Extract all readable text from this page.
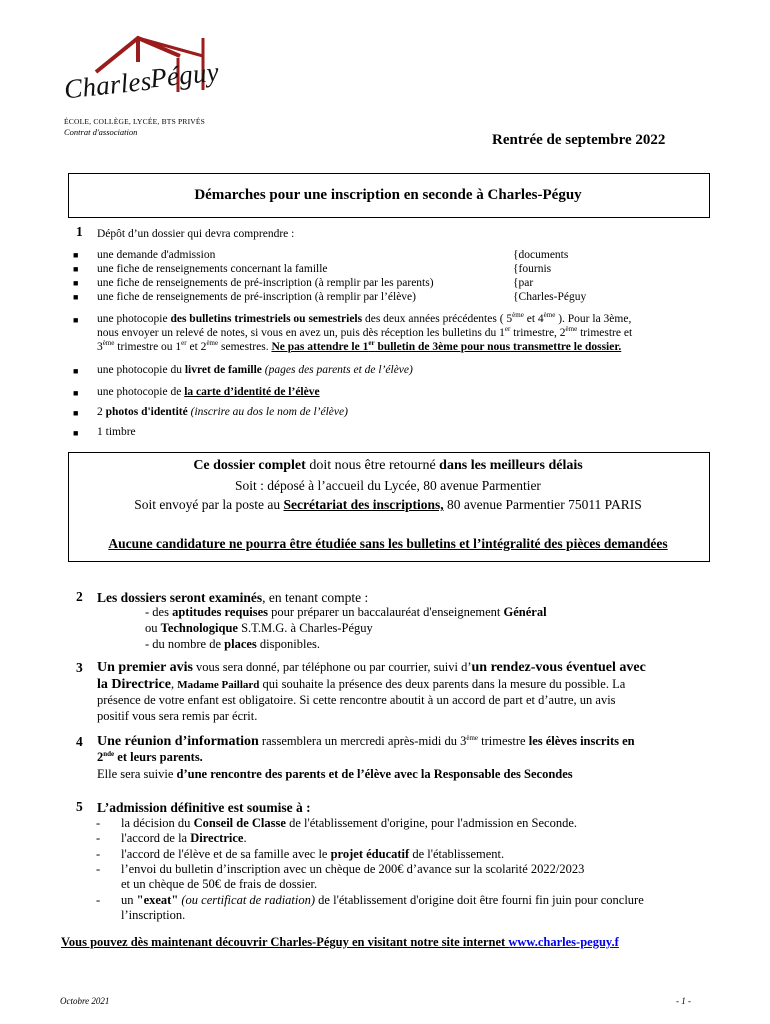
Charles
Péguy
ÉCOLE, COLLÈGE, LYCÉE, BTS PRIVÉS
Contrat d'association	Rentrée de septembre 2022
Démarches pour une inscription en seconde à Charles-Péguy
1 Dépôt d’un dossier qui devra comprendre :
■ une demande d'admission
■ une fiche de renseignements concernant la famille
■ une fiche de renseignements de pré-inscription (à remplir par les parents)
■ une fiche de renseignements de pré-inscription (à remplir par l’élève)
{documents
{fournis
{par
{Charles-Péguy
■ une photocopie des bulletins trimestriels ou semestriels des deux années précédentes ( 5ème et 4ème ). Pour la 3ème,
nous envoyer un relevé de notes, si vous en avez un, puis dès réception les bulletins du 1er trimestre, 2ème trimestre et
3ème trimestre ou 1er et 2ème semestres. Ne pas attendre le 1er bulletin de 3ème pour nous transmettre le dossier.
■ une photocopie du livret de famille (pages des parents et de l’élève)
■ une photocopie de la carte d’identité de l’élève
■ 2 photos d'identité (inscrire au dos le nom de l’élève)
■ 1 timbre
Ce dossier complet doit nous être retourné dans les meilleurs délais
Soit : déposé à l’accueil du Lycée, 80 avenue Parmentier
Soit envoyé par la poste au Secrétariat des inscriptions, 80 avenue Parmentier 75011 PARIS
Aucune candidature ne pourra être étudiée sans les bulletins et l’intégralité des pièces demandées
2 Les dossiers seront examinés, en tenant compte :
- des aptitudes requises pour préparer un baccalauréat d'enseignement Général
ou Technologique S.T.M.G. à Charles-Péguy
- du nombre de places disponibles.
3 Un premier avis vous sera donné, par téléphone ou par courrier, suivi d’un rendez-vous éventuel avec
la Directrice, Madame Paillard qui souhaite la présence des deux parents dans la mesure du possible. La
présence de votre enfant est obligatoire. Si cette rencontre aboutit à un accord de part et d’autre, un avis
positif vous sera remis par écrit.
4 Une réunion d’information rassemblera un mercredi après-midi du 3ème trimestre les élèves inscrits en
2nde et leurs parents.
Elle sera suivie d’une rencontre des parents et de l’élève avec la Responsable des Secondes
5 L’admission définitive est soumise à :
- la décision du Conseil de Classe de l'établissement d'origine, pour l'admission en Seconde.
- l'accord de la Directrice.
- l'accord de l'élève et de sa famille avec le projet éducatif de l'établissement.
- l’envoi du bulletin d’inscription avec un chèque de 200€ d’avance sur la scolarité 2022/2023
et un chèque de 50€ de frais de dossier.
- un "exeat" (ou certificat de radiation) de l'établissement d'origine doit être fourni fin juin pour conclure
l’inscription.
Vous pouvez dès maintenant découvrir Charles-Péguy en visitant notre site internet www.charles-peguy.f
Octobre 2021	- 1 -
